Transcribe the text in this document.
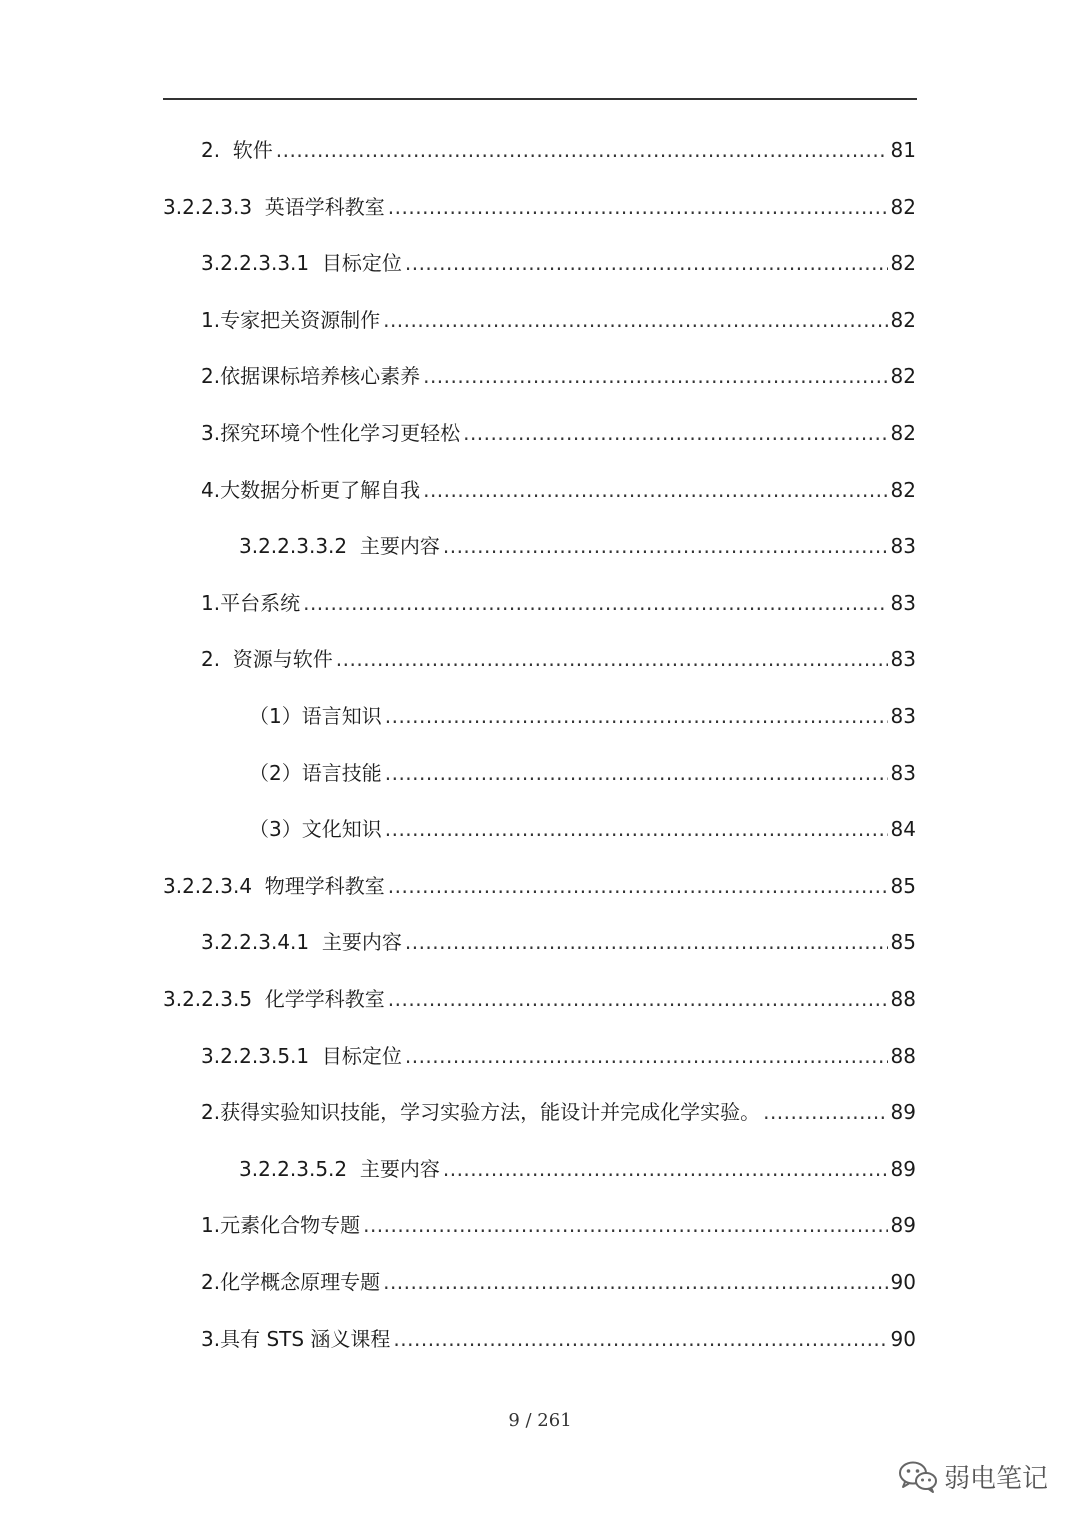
2.  软件 .....	81
3.2.2.3.3  英语学科教室 .....	82
3.2.2.3.3.1  目标定位 .....	82
1.专家把关资源制作 .....	82
2.依据课标培养核心素养 .....	82
3.探究环境个性化学习更轻松 .....	82
4.大数据分析更了解自我 .....	82
3.2.2.3.3.2  主要内容 .....	83
1.平台系统 .....	83
2.  资源与软件 .....	83
（1）语言知识 .....	83
（2）语言技能 .....	83
（3）文化知识 .....	84
3.2.2.3.4  物理学科教室 .....	85
3.2.2.3.4.1  主要内容 .....	85
3.2.2.3.5  化学学科教室 .....	88
3.2.2.3.5.1  目标定位 .....	88
2.获得实验知识技能，学习实验方法，能设计并完成化学实验。 .....	89
3.2.2.3.5.2  主要内容 .....	89
1.元素化合物专题 .....	89
2.化学概念原理专题 .....	90
3.具有 STS 涵义课程 .....	90
9 / 261
弱电笔记
